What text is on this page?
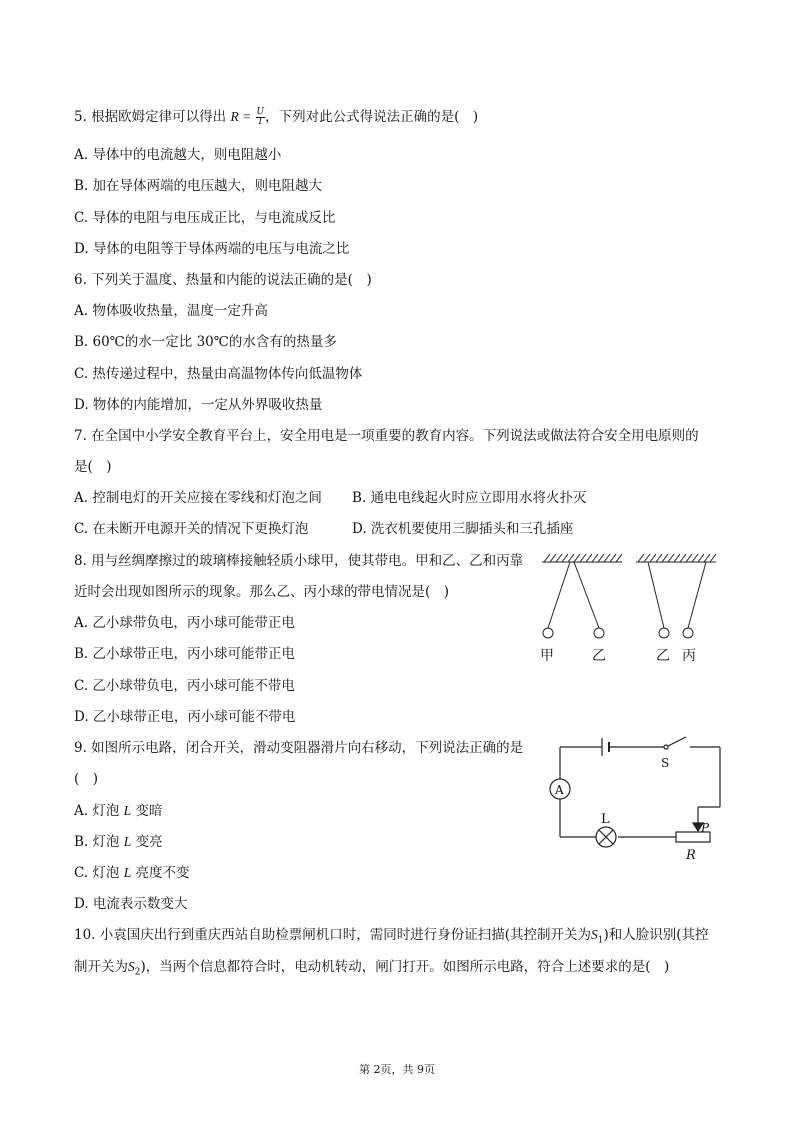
5. 根据欧姆定律可以得出 $R = \frac{U}{I}$ ，下列对此公式得说法正确的是(　)
A. 导体中的电流越大，则电阻越小
B. 加在导体两端的电压越大，则电阻越大
C. 导体的电阻与电压成正比，与电流成反比
D. 导体的电阻等于导体两端的电压与电流之比
6. 下列关于温度、热量和内能的说法正确的是(　)
A. 物体吸收热量，温度一定升高
B. 60℃的水一定比 30℃的水含有的热量多
C. 热传递过程中，热量由高温物体传向低温物体
D. 物体的内能增加，一定从外界吸收热量
7. 在全国中小学安全教育平台上，安全用电是一项重要的教育内容。下列说法或做法符合安全用电原则的
是(　)
A. 控制电灯的开关应接在零线和灯泡之间 B. 通电电线起火时应立即用水将火扑灭
C. 在未断开电源开关的情况下更换灯泡	D. 洗衣机要使用三脚插头和三孔插座
8. 用与丝绸摩擦过的玻璃棒接触轻质小球甲，使其带电。甲和乙、乙和丙靠
近时会出现如图所示的现象。那么乙、丙小球的带电情况是(　)
A. 乙小球带负电，丙小球可能带正电
B. 乙小球带正电，丙小球可能带正电
C. 乙小球带负电，丙小球可能不带电
D. 乙小球带正电，丙小球可能不带电
甲	乙	乙 丙
9. 如图所示电路，闭合开关，滑动变阻器滑片向右移动，下列说法正确的是
(　)
A. 灯泡 L 变暗
B. 灯泡 L 变亮
C. 灯泡 L 亮度不变
D. 电流表示数变大
A
S
L
P
R
10. 小袁国庆出行到重庆西站自助检票闸机口时，需同时进行身份证扫描(其控制开关为$S_1$)和人脸识别(其控
制开关为$S_2$)，当两个信息都符合时，电动机转动，闸门打开。如图所示电路，符合上述要求的是(　)
第 2页，共 9页
